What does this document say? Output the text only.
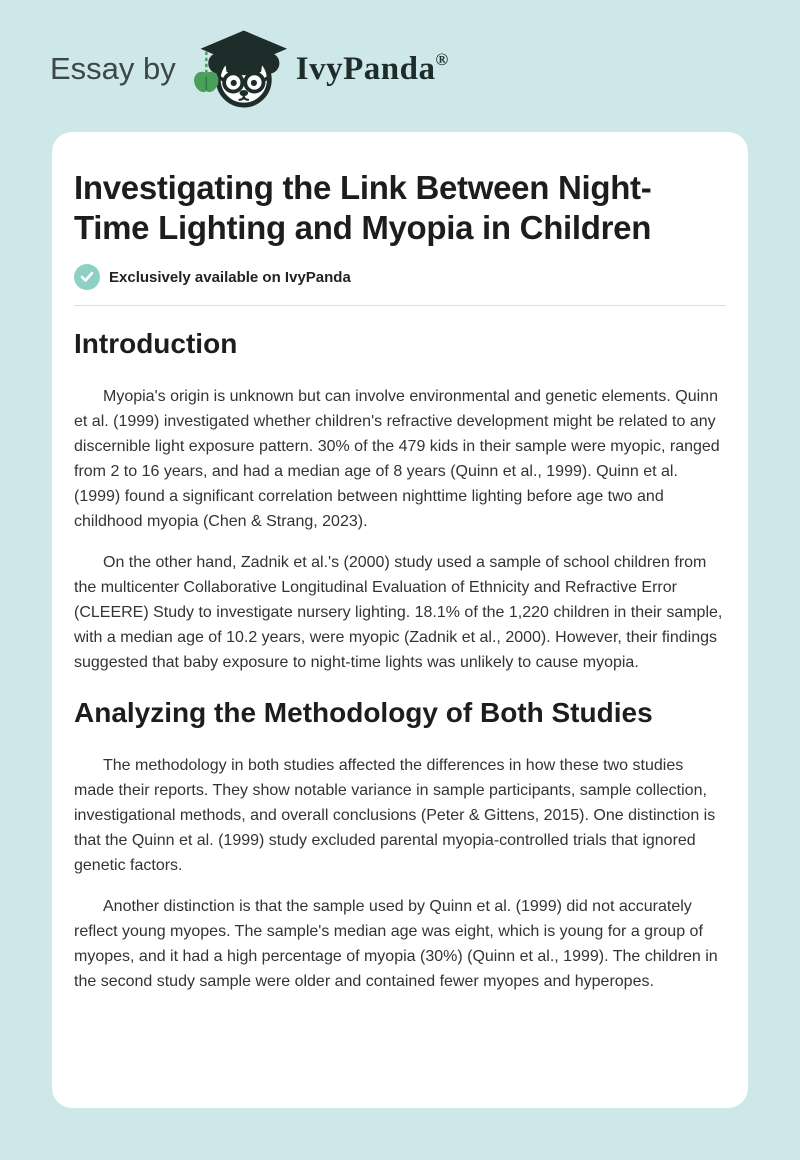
Essay by	IvyPanda®
Investigating the Link Between Night-Time Lighting and Myopia in Children
Exclusively available on IvyPanda
Introduction

Myopia's origin is unknown but can involve environmental and genetic elements. Quinn et al. (1999) investigated whether children's refractive development might be related to any discernible light exposure pattern. 30% of the 479 kids in their sample were myopic, ranged from 2 to 16 years, and had a median age of 8 years (Quinn et al., 1999). Quinn et al. (1999) found a significant correlation between nighttime lighting before age two and childhood myopia (Chen & Strang, 2023).

On the other hand, Zadnik et al.'s (2000) study used a sample of school children from the multicenter Collaborative Longitudinal Evaluation of Ethnicity and Refractive Error (CLEERE) Study to investigate nursery lighting. 18.1% of the 1,220 children in their sample, with a median age of 10.2 years, were myopic (Zadnik et al., 2000). However, their findings suggested that baby exposure to night-time lights was unlikely to cause myopia.

Analyzing the Methodology of Both Studies

The methodology in both studies affected the differences in how these two studies made their reports. They show notable variance in sample participants, sample collection, investigational methods, and overall conclusions (Peter & Gittens, 2015). One distinction is that the Quinn et al. (1999) study excluded parental myopia-controlled trials that ignored genetic factors.

Another distinction is that the sample used by Quinn et al. (1999) did not accurately reflect young myopes. The sample's median age was eight, which is young for a group of myopes, and it had a high percentage of myopia (30%) (Quinn et al., 1999). The children in the second study sample were older and contained fewer myopes and hyperopes.
